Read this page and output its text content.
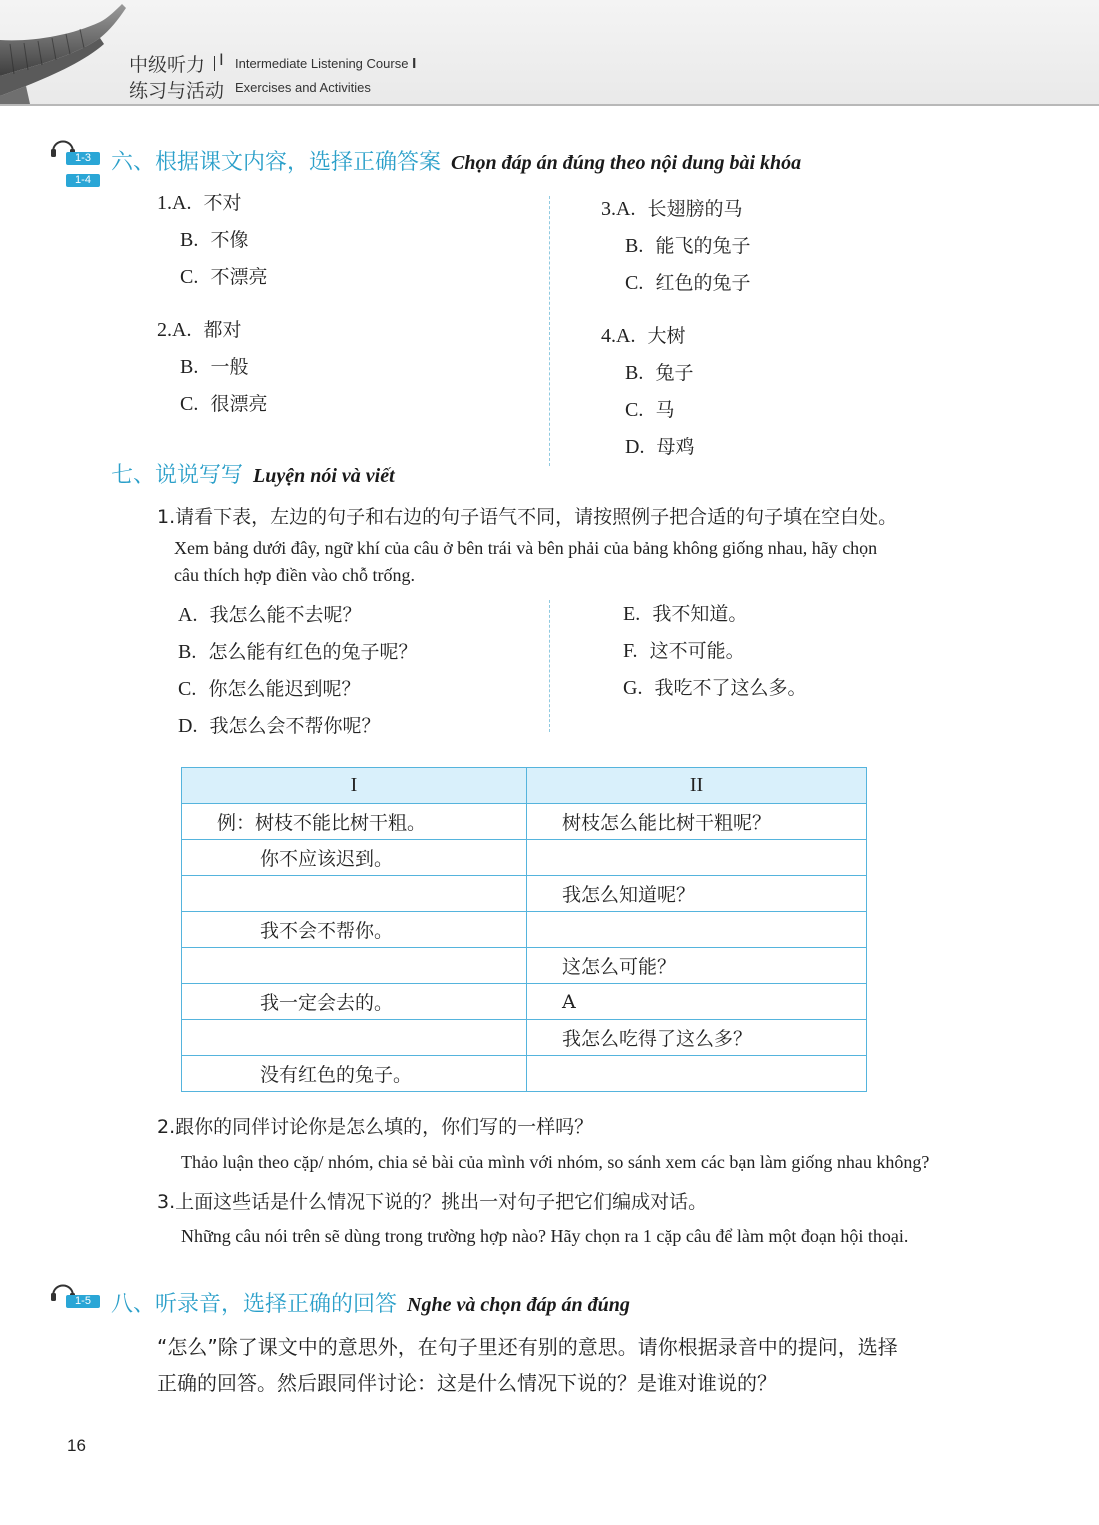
中级听力 I Intermediate Listening Course I
练习与活动 Exercises and Activities
1-3
1-4
六、根据课文内容，选择正确答案 Chọn đáp án đúng theo nội dung bài khóa
1.A. 不对
B. 不像
C. 不漂亮
2.A. 都对
B. 一般
C. 很漂亮
3.A. 长翅膀的马
B. 能飞的兔子
C. 红色的兔子
4.A. 大树
B. 兔子
C. 马
D. 母鸡
七、说说写写 Luyện nói và viết
1.请看下表，左边的句子和右边的句子语气不同，请按照例子把合适的句子填在空白处。
Xem bảng dưới đây, ngữ khí của câu ở bên trái và bên phải của bảng không giống nhau, hãy chọn
câu thích hợp điền vào chỗ trống.
A. 我怎么能不去呢？
B. 怎么能有红色的兔子呢？
C. 你怎么能迟到呢？
D. 我怎么会不帮你呢？
E. 我不知道。
F. 这不可能。
G. 我吃不了这么多。
I	II
例：树枝不能比树干粗。	树枝怎么能比树干粗呢？
你不应该迟到。	
	我怎么知道呢？
我不会不帮你。	
	这怎么可能？
我一定会去的。	A
	我怎么吃得了这么多？
没有红色的兔子。	
2.跟你的同伴讨论你是怎么填的，你们写的一样吗？
Thảo luận theo cặp/ nhóm, chia sẻ bài của mình với nhóm, so sánh xem các bạn làm giống nhau không?
3.上面这些话是什么情况下说的？挑出一对句子把它们编成对话。
Những câu nói trên sẽ dùng trong trường hợp nào? Hãy chọn ra 1 cặp câu để làm một đoạn hội thoại.
1-5 八、听录音，选择正确的回答 Nghe và chọn đáp án đúng
“怎么”除了课文中的意思外，在句子里还有别的意思。请你根据录音中的提问，选择
正确的回答。然后跟同伴讨论：这是什么情况下说的？是谁对谁说的？
16
